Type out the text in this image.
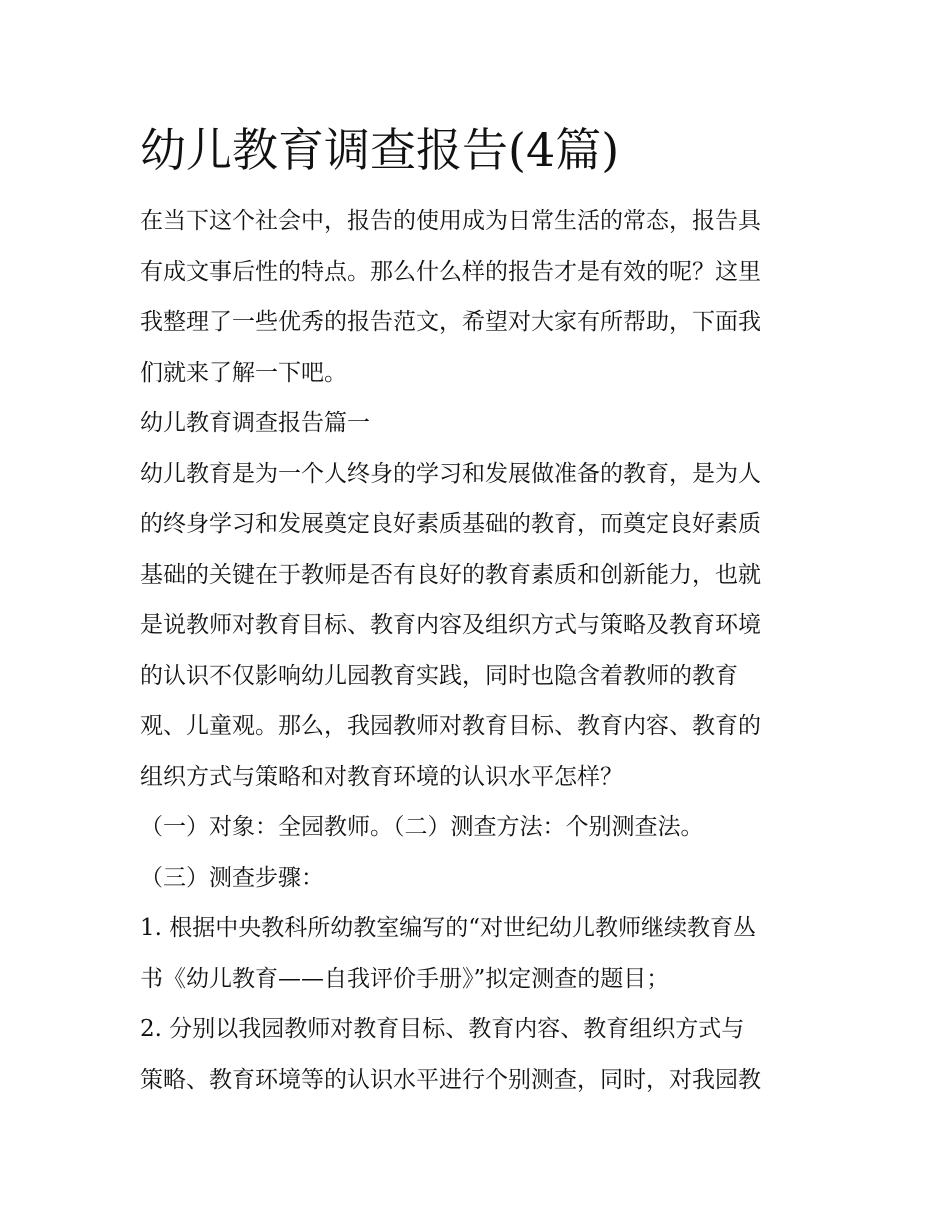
幼儿教育调查报告(4篇)

在当下这个社会中，报告的使用成为日常生活的常态，报告具
有成文事后性的特点。那么什么样的报告才是有效的呢？这里
我整理了一些优秀的报告范文，希望对大家有所帮助，下面我
们就来了解一下吧。

幼儿教育调查报告篇一

幼儿教育是为一个人终身的学习和发展做准备的教育，是为人
的终身学习和发展奠定良好素质基础的教育，而奠定良好素质
基础的关键在于教师是否有良好的教育素质和创新能力，也就
是说教师对教育目标、教育内容及组织方式与策略及教育环境
的认识不仅影响幼儿园教育实践，同时也隐含着教师的教育
观、儿童观。那么，我园教师对教育目标、教育内容、教育的
组织方式与策略和对教育环境的认识水平怎样？

（一）对象：全园教师。（二）测查方法：个别测查法。

（三）测查步骤：

1. 根据中央教科所幼教室编写的“对世纪幼儿教师继续教育丛
书《幼儿教育——自我评价手册》”拟定测查的题目；
2. 分别以我园教师对教育目标、教育内容、教育组织方式与
策略、教育环境等的认识水平进行个别测查，同时，对我园教
